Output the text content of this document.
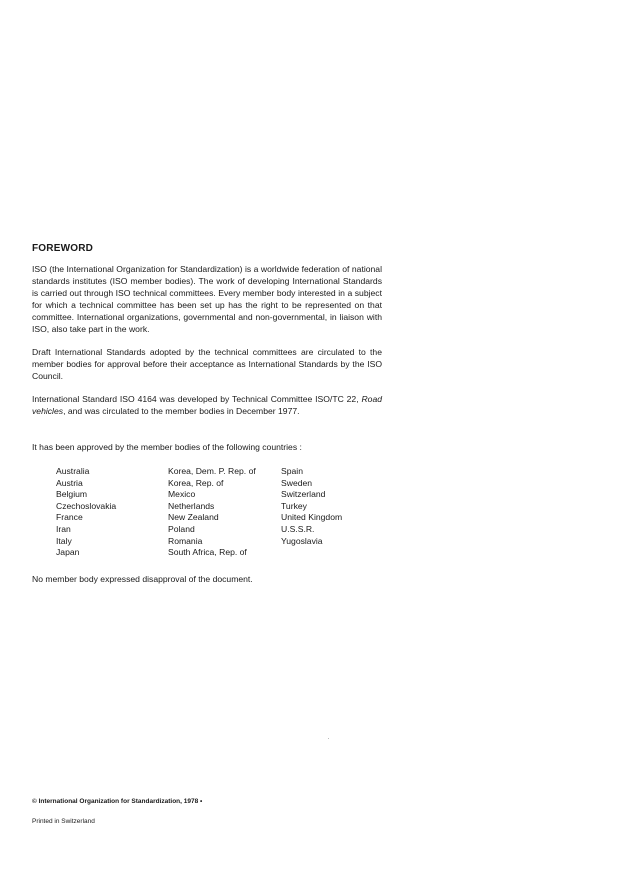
FOREWORD

ISO (the International Organization for Standardization) is a worldwide federation of national standards institutes (ISO member bodies). The work of developing International Standards is carried out through ISO technical committees. Every member body interested in a subject for which a technical committee has been set up has the right to be represented on that committee. International organizations, governmental and non-governmental, in liaison with ISO, also take part in the work.

Draft International Standards adopted by the technical committees are circulated to the member bodies for approval before their acceptance as International Standards by the ISO Council.

International Standard ISO 4164 was developed by Technical Committee ISO/TC 22, Road vehicles, and was circulated to the member bodies in December 1977.

It has been approved by the member bodies of the following countries :

Australia
Austria
Belgium
Czechoslovakia
France
Iran
Italy
Japan
Korea, Dem. P. Rep. of
Korea, Rep. of
Mexico
Netherlands
New Zealand
Poland
Romania
South Africa, Rep. of
Spain
Sweden
Switzerland
Turkey
United Kingdom
U.S.S.R.
Yugoslavia

No member body expressed disapproval of the document.

© International Organization for Standardization, 1978 •
Printed in Switzerland
